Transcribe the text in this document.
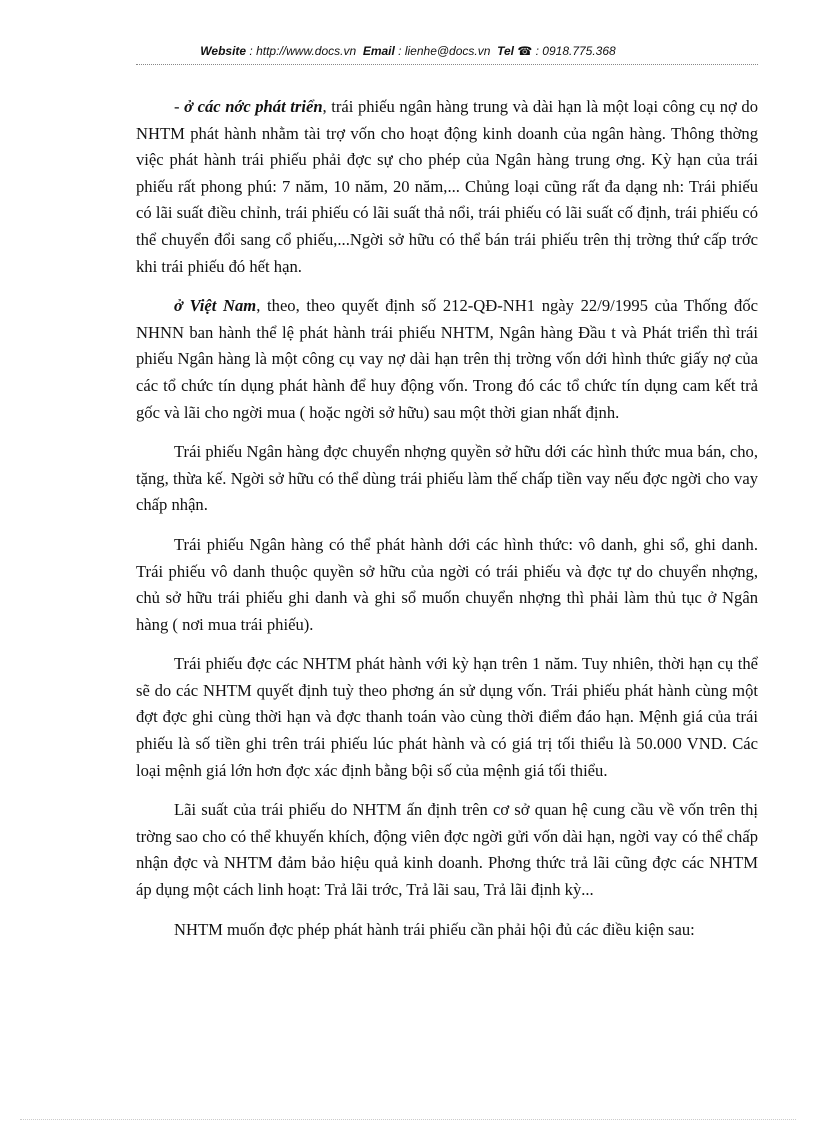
Website : http://www.docs.vn Email : lienhe@docs.vn Tel ☎ : 0918.775.368

- ở các nớc phát triển, trái phiếu ngân hàng trung và dài hạn là một loại công cụ nợ do NHTM phát hành nhằm tài trợ vốn cho hoạt động kinh doanh của ngân hàng. Thông thờng việc phát hành trái phiếu phải đợc sự cho phép của Ngân hàng trung ơng. Kỳ hạn của trái phiếu rất phong phú: 7 năm, 10 năm, 20 năm,... Chủng loại cũng rất đa dạng nh: Trái phiếu có lãi suất điều chỉnh, trái phiếu có lãi suất thả nổi, trái phiếu có lãi suất cố định, trái phiếu có thể chuyển đổi sang cổ phiếu,...Ngời sở hữu có thể bán trái phiếu trên thị trờng thứ cấp trớc khi trái phiếu đó hết hạn.

ở Việt Nam, theo, theo quyết định số 212-QĐ-NH1 ngày 22/9/1995 của Thống đốc NHNN ban hành thể lệ phát hành trái phiếu NHTM, Ngân hàng Đầu t và Phát triển thì trái phiếu Ngân hàng là một công cụ vay nợ dài hạn trên thị trờng vốn dới hình thức giấy nợ của các tổ chức tín dụng phát hành để huy động vốn. Trong đó các tổ chức tín dụng cam kết trả gốc và lãi cho ngời mua ( hoặc ngời sở hữu) sau một thời gian nhất định.

Trái phiếu Ngân hàng đợc chuyển nhợng quyền sở hữu dới các hình thức mua bán, cho, tặng, thừa kế. Ngời sở hữu có thể dùng trái phiếu làm thế chấp tiền vay nếu đợc ngời cho vay chấp nhận.

Trái phiếu Ngân hàng có thể phát hành dới các hình thức: vô danh, ghi sổ, ghi danh. Trái phiếu vô danh thuộc quyền sở hữu của ngời có trái phiếu và đợc tự do chuyển nhợng, chủ sở hữu trái phiếu ghi danh và ghi sổ muốn chuyển nhợng thì phải làm thủ tục ở Ngân hàng ( nơi mua trái phiếu).

Trái phiếu đợc các NHTM phát hành với kỳ hạn trên 1 năm. Tuy nhiên, thời hạn cụ thể sẽ do các NHTM quyết định tuỳ theo phơng án sử dụng vốn. Trái phiếu phát hành cùng một đợt đợc ghi cùng thời hạn và đợc thanh toán vào cùng thời điểm đáo hạn. Mệnh giá của trái phiếu là số tiền ghi trên trái phiếu lúc phát hành và có giá trị tối thiểu là 50.000 VND. Các loại mệnh giá lớn hơn đợc xác định bằng bội số của mệnh giá tối thiểu.

Lãi suất của trái phiếu do NHTM ấn định trên cơ sở quan hệ cung cầu về vốn trên thị trờng sao cho có thể khuyến khích, động viên đợc ngời gửi vốn dài hạn, ngời vay có thể chấp nhận đợc và NHTM đảm bảo hiệu quả kinh doanh. Phơng thức trả lãi cũng đợc các NHTM áp dụng một cách linh hoạt: Trả lãi trớc, Trả lãi sau, Trả lãi định kỳ...

NHTM muốn đợc phép phát hành trái phiếu cần phải hội đủ các điều kiện sau:
